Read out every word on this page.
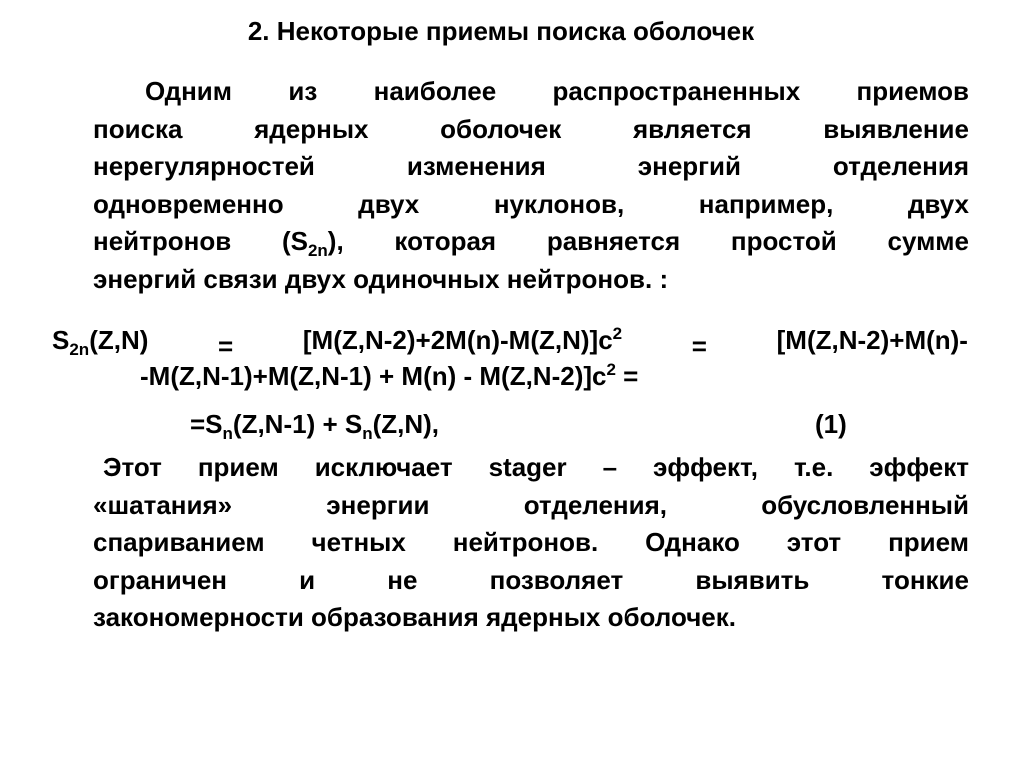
2. Некоторые приемы поиска оболочек
Одним из наиболее распространенных приемов
поиска ядерных оболочек является выявление
нерегулярностей изменения энергий отделения
одновременно двух нуклонов, например, двух
нейтронов $(S_{2n})$, которая равняется простой сумме
энергий связи двух одиночных нейтронов. :
$S_{2n}(Z,N)$	=	$[M(Z,N-2)+2M(n)-M(Z,N)]c^2$	=	[M(Z,N-2)+M(n)-
$-M(Z,N-1)+M(Z,N-1) + M(n) - M(Z,N-2)]c^2$ =
$=S_n(Z,N-1) + S_n(Z,N)$,	(1)
Этот прием исключает stager – эффект, т.е. эффект
«шатания» энергии отделения, обусловленный
спариванием четных нейтронов. Однако этот прием
ограничен и не позволяет выявить тонкие
закономерности образования ядерных оболочек.
